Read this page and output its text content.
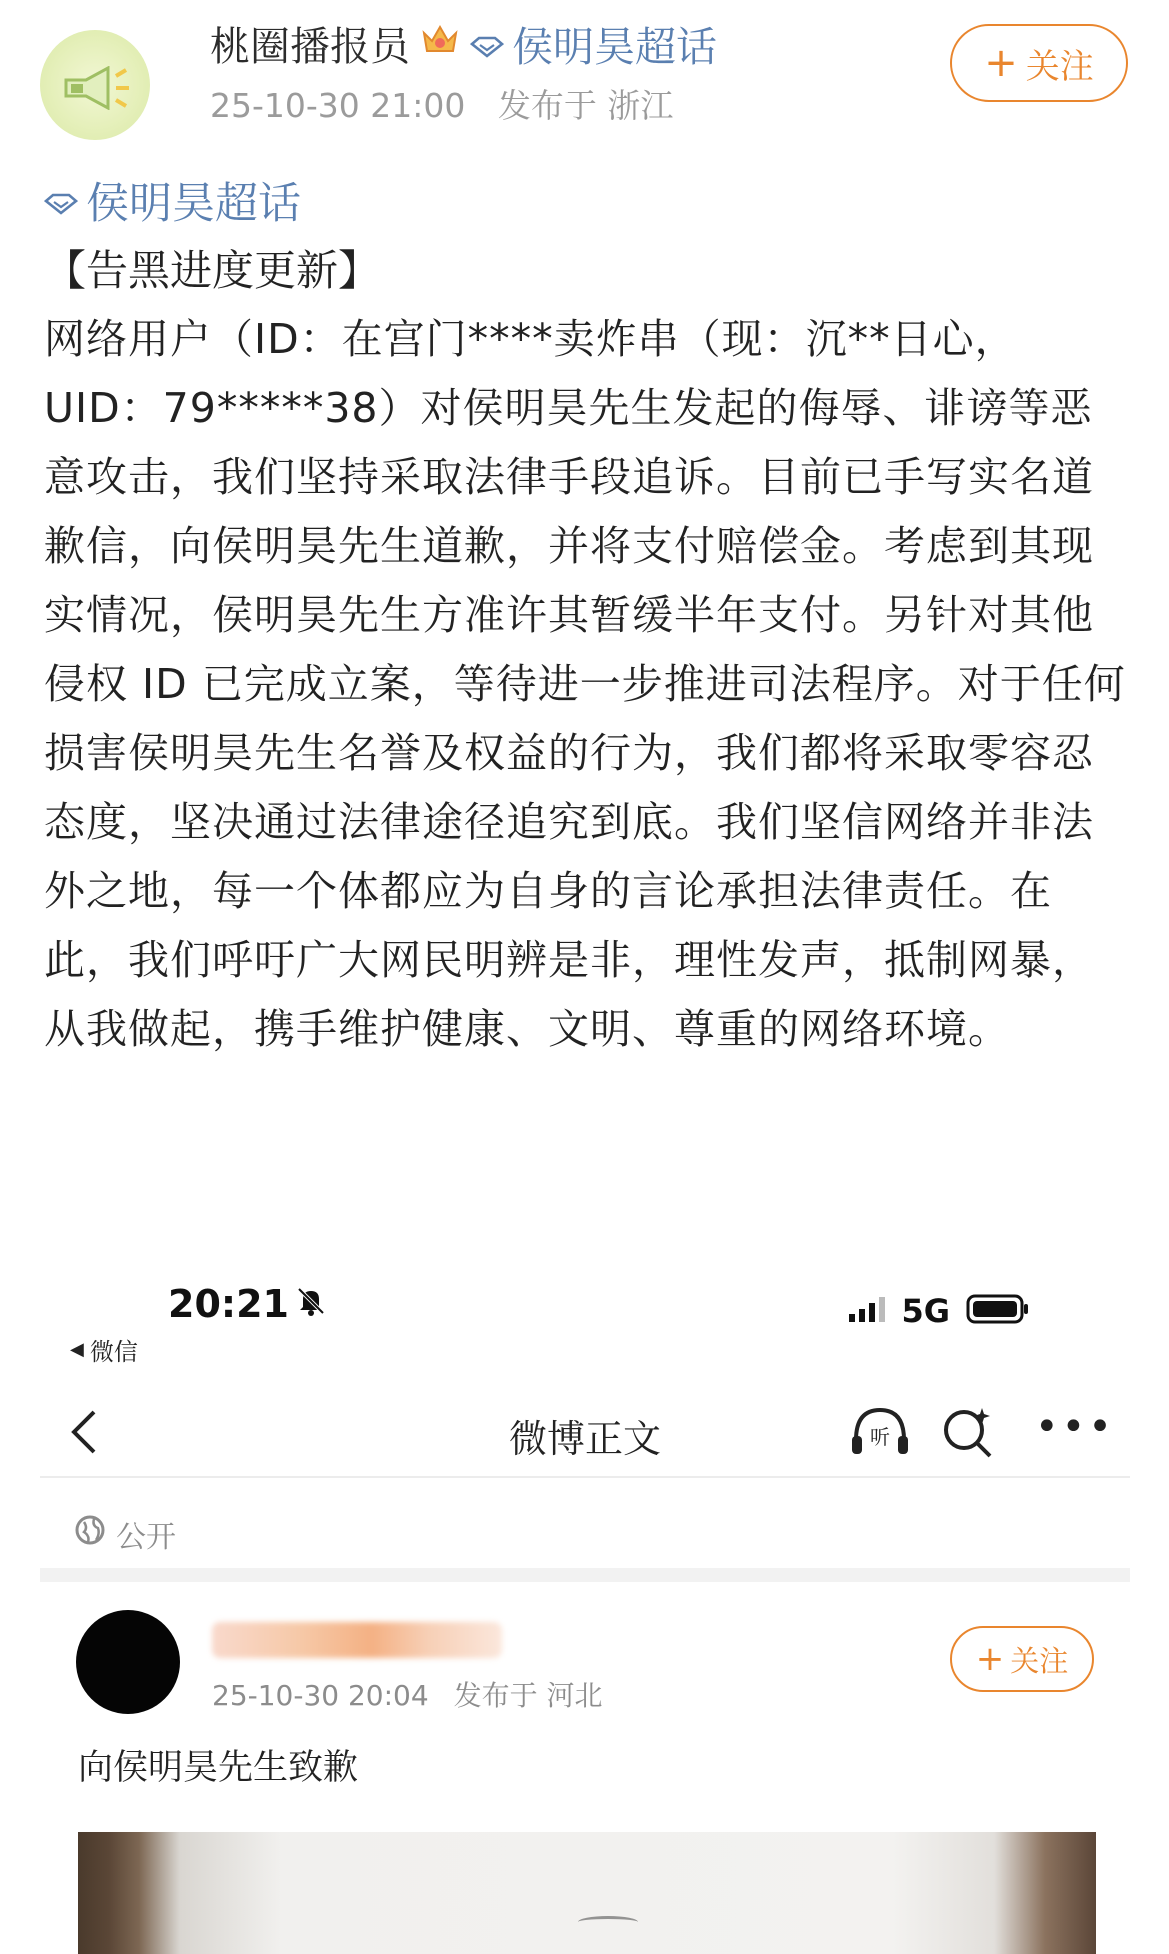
桃圈播报员 侯明昊超话
25-10-30 21:00 发布于 浙江
+ 关注
侯明昊超话
【告黑进度更新】
网络用户（ID：在宫门****卖炸串（现：沉**日心，UID：79*****38）对侯明昊先生发起的侮辱、诽谤等恶意攻击，我们坚持采取法律手段追诉。目前已手写实名道歉信，向侯明昊先生道歉，并将支付赔偿金。考虑到其现实情况，侯明昊先生方准许其暂缓半年支付。另针对其他侵权 ID 已完成立案，等待进一步推进司法程序。对于任何损害侯明昊先生名誉及权益的行为，我们都将采取零容忍态度，坚决通过法律途径追究到底。我们坚信网络并非法外之地，每一个体都应为自身的言论承担法律责任。在此，我们呼吁广大网民明辨是非，理性发声，抵制网暴，从我做起，携手维护健康、文明、尊重的网络环境。
20:21
◀ 微信
5G
微博正文	听	•••
公开
25-10-30 20:04 发布于 河北
+ 关注
向侯明昊先生致歉
